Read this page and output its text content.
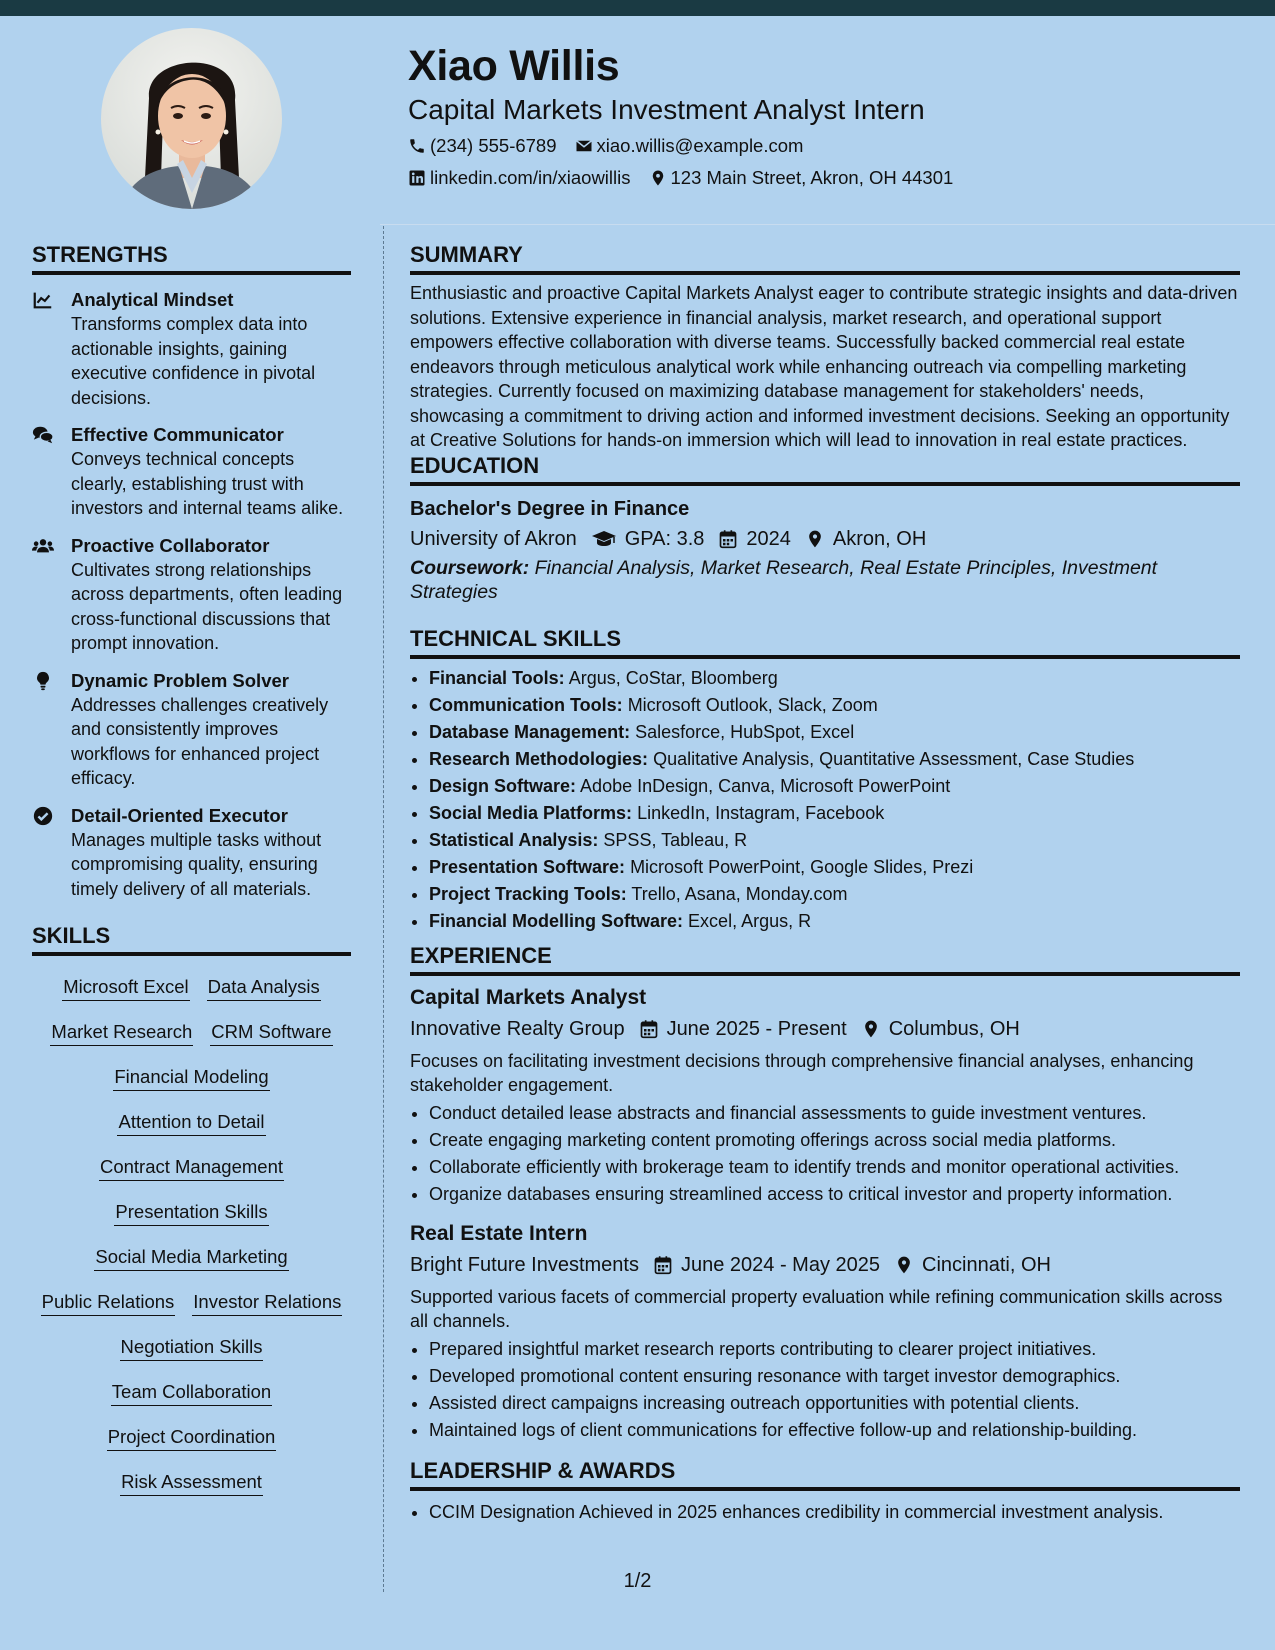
Xiao Willis
Capital Markets Investment Analyst Intern
(234) 555-6789 xiao.willis@example.com
linkedin.com/in/xiaowillis 123 Main Street, Akron, OH 44301
STRENGTHS
Analytical Mindset
Transforms complex data into actionable insights, gaining executive confidence in pivotal decisions.
Effective Communicator
Conveys technical concepts clearly, establishing trust with investors and internal teams alike.
Proactive Collaborator
Cultivates strong relationships across departments, often leading cross-functional discussions that prompt innovation.
Dynamic Problem Solver
Addresses challenges creatively and consistently improves workflows for enhanced project efficacy.
Detail-Oriented Executor
Manages multiple tasks without compromising quality, ensuring timely delivery of all materials.
SKILLS
Microsoft Excel Data Analysis
Market Research CRM Software
Financial Modeling
Attention to Detail
Contract Management
Presentation Skills
Social Media Marketing
Public Relations Investor Relations
Negotiation Skills
Team Collaboration
Project Coordination
Risk Assessment
SUMMARY
Enthusiastic and proactive Capital Markets Analyst eager to contribute strategic insights and data-driven solutions. Extensive experience in financial analysis, market research, and operational support empowers effective collaboration with diverse teams. Successfully backed commercial real estate endeavors through meticulous analytical work while enhancing outreach via compelling marketing strategies. Currently focused on maximizing database management for stakeholders' needs, showcasing a commitment to driving action and informed investment decisions. Seeking an opportunity at Creative Solutions for hands-on immersion which will lead to innovation in real estate practices.
EDUCATION
Bachelor's Degree in Finance
University of Akron GPA: 3.8 2024 Akron, OH
Coursework: Financial Analysis, Market Research, Real Estate Principles, Investment Strategies
TECHNICAL SKILLS
• Financial Tools: Argus, CoStar, Bloomberg
• Communication Tools: Microsoft Outlook, Slack, Zoom
• Database Management: Salesforce, HubSpot, Excel
• Research Methodologies: Qualitative Analysis, Quantitative Assessment, Case Studies
• Design Software: Adobe InDesign, Canva, Microsoft PowerPoint
• Social Media Platforms: LinkedIn, Instagram, Facebook
• Statistical Analysis: SPSS, Tableau, R
• Presentation Software: Microsoft PowerPoint, Google Slides, Prezi
• Project Tracking Tools: Trello, Asana, Monday.com
• Financial Modelling Software: Excel, Argus, R
EXPERIENCE
Capital Markets Analyst
Innovative Realty Group June 2025 - Present Columbus, OH
Focuses on facilitating investment decisions through comprehensive financial analyses, enhancing stakeholder engagement.
• Conduct detailed lease abstracts and financial assessments to guide investment ventures.
• Create engaging marketing content promoting offerings across social media platforms.
• Collaborate efficiently with brokerage team to identify trends and monitor operational activities.
• Organize databases ensuring streamlined access to critical investor and property information.
Real Estate Intern
Bright Future Investments June 2024 - May 2025 Cincinnati, OH
Supported various facets of commercial property evaluation while refining communication skills across all channels.
• Prepared insightful market research reports contributing to clearer project initiatives.
• Developed promotional content ensuring resonance with target investor demographics.
• Assisted direct campaigns increasing outreach opportunities with potential clients.
• Maintained logs of client communications for effective follow-up and relationship-building.
LEADERSHIP & AWARDS
• CCIM Designation Achieved in 2025 enhances credibility in commercial investment analysis.
1/2
